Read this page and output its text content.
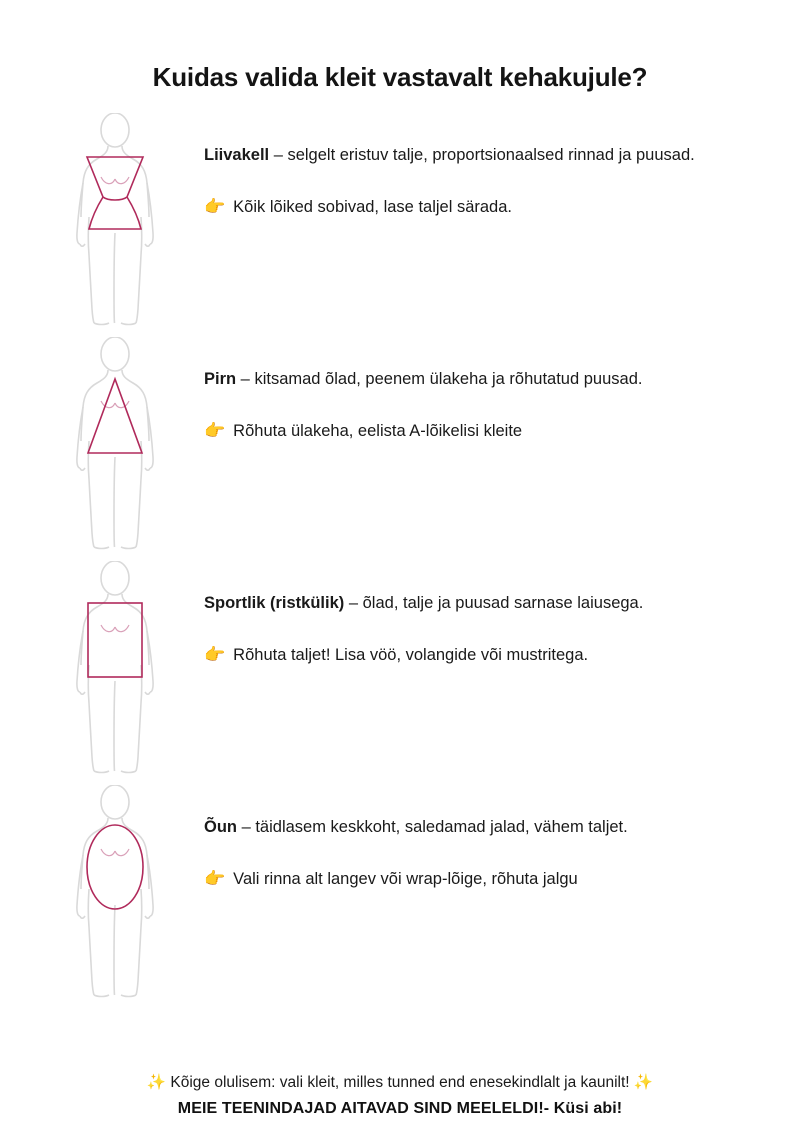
Kuidas valida kleit vastavalt kehakujule?

Liivakell – selgelt eristuv talje, proportsionaalsed rinnad ja puusad.

👉 Kõik lõiked sobivad, lase taljel särada.

Pirn – kitsamad õlad, peenem ülakeha ja rõhutatud puusad.

👉 Rõhuta ülakeha, eelista A-lõikelisi kleite

Sportlik (ristkülik) – õlad, talje ja puusad sarnase laiusega.

👉 Rõhuta taljet! Lisa vöö, volangide või mustritega.

Õun – täidlasem keskkoht, saledamad jalad, vähem taljet.

👉 Vali rinna alt langev või wrap-lõige, rõhuta jalgu

✨ Kõige olulisem: vali kleit, milles tunned end enesekindlalt ja kaunilt! ✨
MEIE TEENINDAJAD AITAVAD SIND MEELELDI!- Küsi abi!
